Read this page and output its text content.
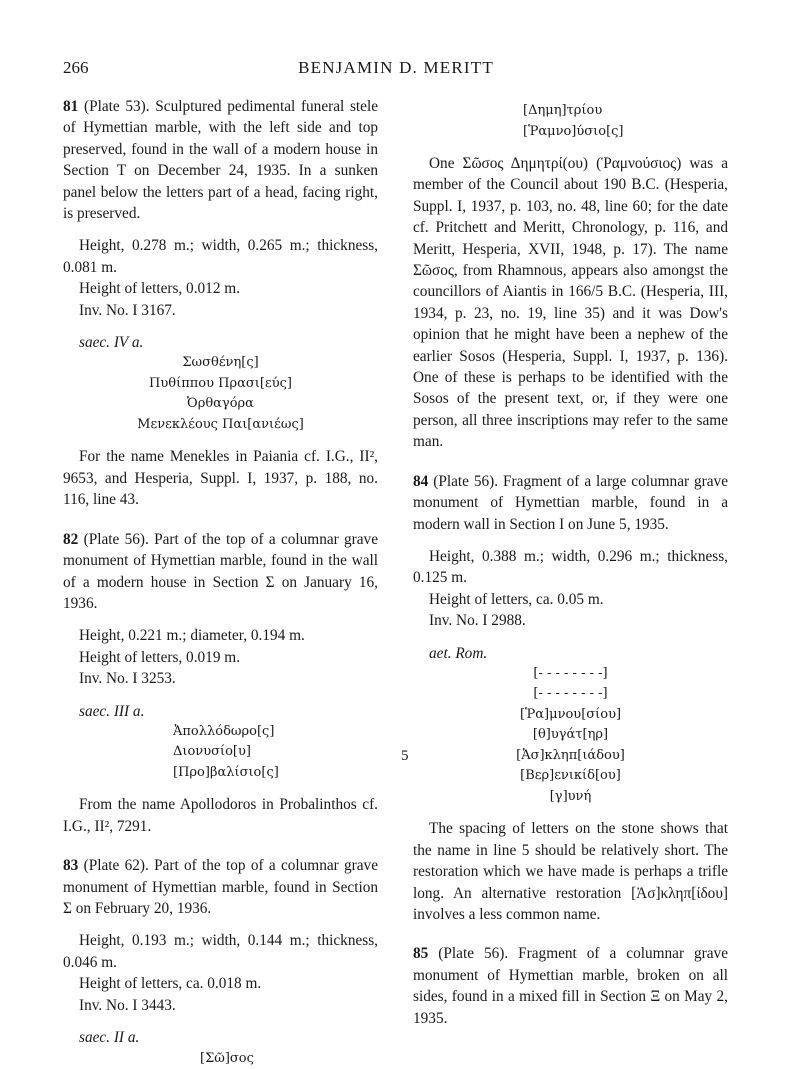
266	BENJAMIN D. MERITT

81 (Plate 53). Sculptured pedimental funeral stele of Hymettian marble, with the left side and top preserved, found in the wall of a modern house in Section T on December 24, 1935. In a sunken panel below the letters part of a head, facing right, is preserved.

Height, 0.278 m.; width, 0.265 m.; thickness, 0.081 m.

Height of letters, 0.012 m.

Inv. No. I 3167.

saec. IV a.

Σωσθένη[ς]
Πυθίππου Πρασι[εύς]
Ὀρθαγόρα
Μενεκλέους Παι[ανιέως]

For the name Menekles in Paiania cf. I.G., II², 9653, and Hesperia, Suppl. I, 1937, p. 188, no. 116, line 43.

82 (Plate 56). Part of the top of a columnar grave monument of Hymettian marble, found in the wall of a modern house in Section Σ on January 16, 1936.

Height, 0.221 m.; diameter, 0.194 m.

Height of letters, 0.019 m.

Inv. No. I 3253.

saec. III a.

Ἀπολλόδωρο[ς]
Διονυσίο[υ]
[Προ]βαλίσιο[ς]

From the name Apollodoros in Probalinthos cf. I.G., II², 7291.

83 (Plate 62). Part of the top of a columnar grave monument of Hymettian marble, found in Section Σ on February 20, 1936.

Height, 0.193 m.; width, 0.144 m.; thickness, 0.046 m.

Height of letters, ca. 0.018 m.

Inv. No. I 3443.

saec. II a.

[Σῶ]σος
[Δημη]τρίου
[Ῥαμνο]ύσιο[ς]

One Σῶσος Δημητρί(ου) (Ῥαμνούσιος) was a member of the Council about 190 B.C. (Hesperia, Suppl. I, 1937, p. 103, no. 48, line 60; for the date cf. Pritchett and Meritt, Chronology, p. 116, and Meritt, Hesperia, XVII, 1948, p. 17). The name Σῶσος, from Rhamnous, appears also amongst the councillors of Aiantis in 166/5 B.C. (Hesperia, III, 1934, p. 23, no. 19, line 35) and it was Dow's opinion that he might have been a nephew of the earlier Sosos (Hesperia, Suppl. I, 1937, p. 136). One of these is perhaps to be identified with the Sosos of the present text, or, if they were one person, all three inscriptions may refer to the same man.

84 (Plate 56). Fragment of a large columnar grave monument of Hymettian marble, found in a modern wall in Section I on June 5, 1935.

Height, 0.388 m.; width, 0.296 m.; thickness, 0.125 m.

Height of letters, ca. 0.05 m.

Inv. No. I 2988.

aet. Rom.

[- - - - - - - -]
[- - - - - - - -]
[Ῥα]μνου[σίου]
[θ]υγάτ[ηρ]
5	[Ἀσ]κληπ[ιάδου]
[Βερ]ενικίδ[ου]
[γ]υνή

The spacing of letters on the stone shows that the name in line 5 should be relatively short. The restoration which we have made is perhaps a trifle long. An alternative restoration [Ἀσ]κληπ[ίδου] involves a less common name.

85 (Plate 56). Fragment of a columnar grave monument of Hymettian marble, broken on all sides, found in a mixed fill in Section Ξ on May 2, 1935.
